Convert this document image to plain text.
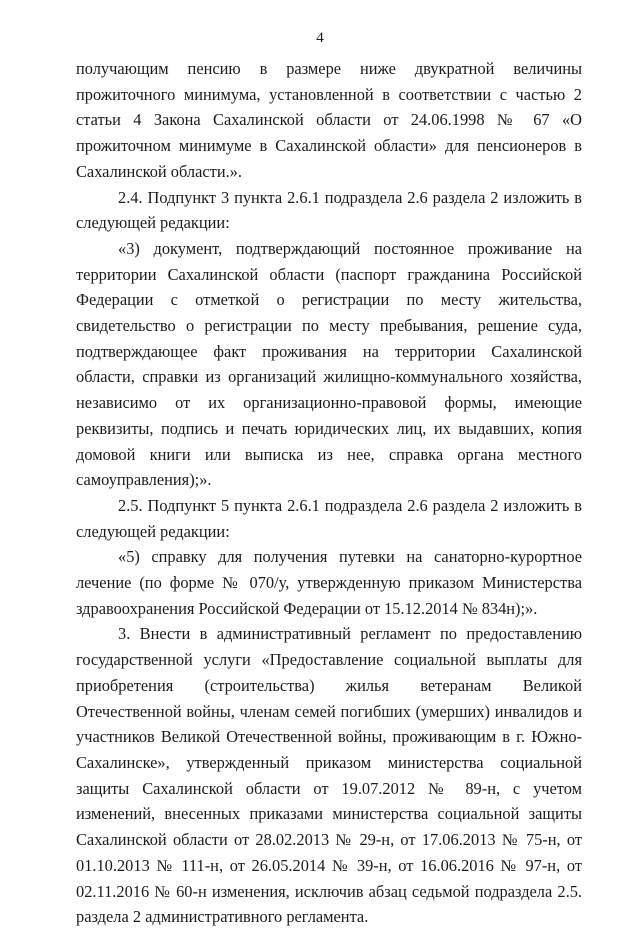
4

получающим пенсию в размере ниже двукратной величины прожиточного минимума, установленной в соответствии с частью 2 статьи 4 Закона Сахалинской области от 24.06.1998 № 67 «О прожиточном минимуме в Сахалинской области» для пенсионеров в Сахалинской области.».

2.4. Подпункт 3 пункта 2.6.1 подраздела 2.6 раздела 2 изложить в следующей редакции:

«3) документ, подтверждающий постоянное проживание на территории Сахалинской области (паспорт гражданина Российской Федерации с отметкой о регистрации по месту жительства, свидетельство о регистрации по месту пребывания, решение суда, подтверждающее факт проживания на территории Сахалинской области, справки из организаций жилищно-коммунального хозяйства, независимо от их организационно-правовой формы, имеющие реквизиты, подпись и печать юридических лиц, их выдавших, копия домовой книги или выписка из нее, справка органа местного самоуправления);».

2.5. Подпункт 5 пункта 2.6.1 подраздела 2.6 раздела 2 изложить в следующей редакции:

«5) справку для получения путевки на санаторно-курортное лечение (по форме № 070/у, утвержденную приказом Министерства здравоохранения Российской Федерации от 15.12.2014 № 834н);».

3. Внести в административный регламент по предоставлению государственной услуги «Предоставление социальной выплаты для приобретения (строительства) жилья ветеранам Великой Отечественной войны, членам семей погибших (умерших) инвалидов и участников Великой Отечественной войны, проживающим в г. Южно-Сахалинске», утвержденный приказом министерства социальной защиты Сахалинской области от 19.07.2012 № 89-н, с учетом изменений, внесенных приказами министерства социальной защиты Сахалинской области от 28.02.2013 № 29-н, от 17.06.2013 № 75-н, от 01.10.2013 № 111-н, от 26.05.2014 № 39-н, от 16.06.2016 № 97-н, от 02.11.2016 № 60-н изменения, исключив абзац седьмой подраздела 2.5. раздела 2 административного регламента.
